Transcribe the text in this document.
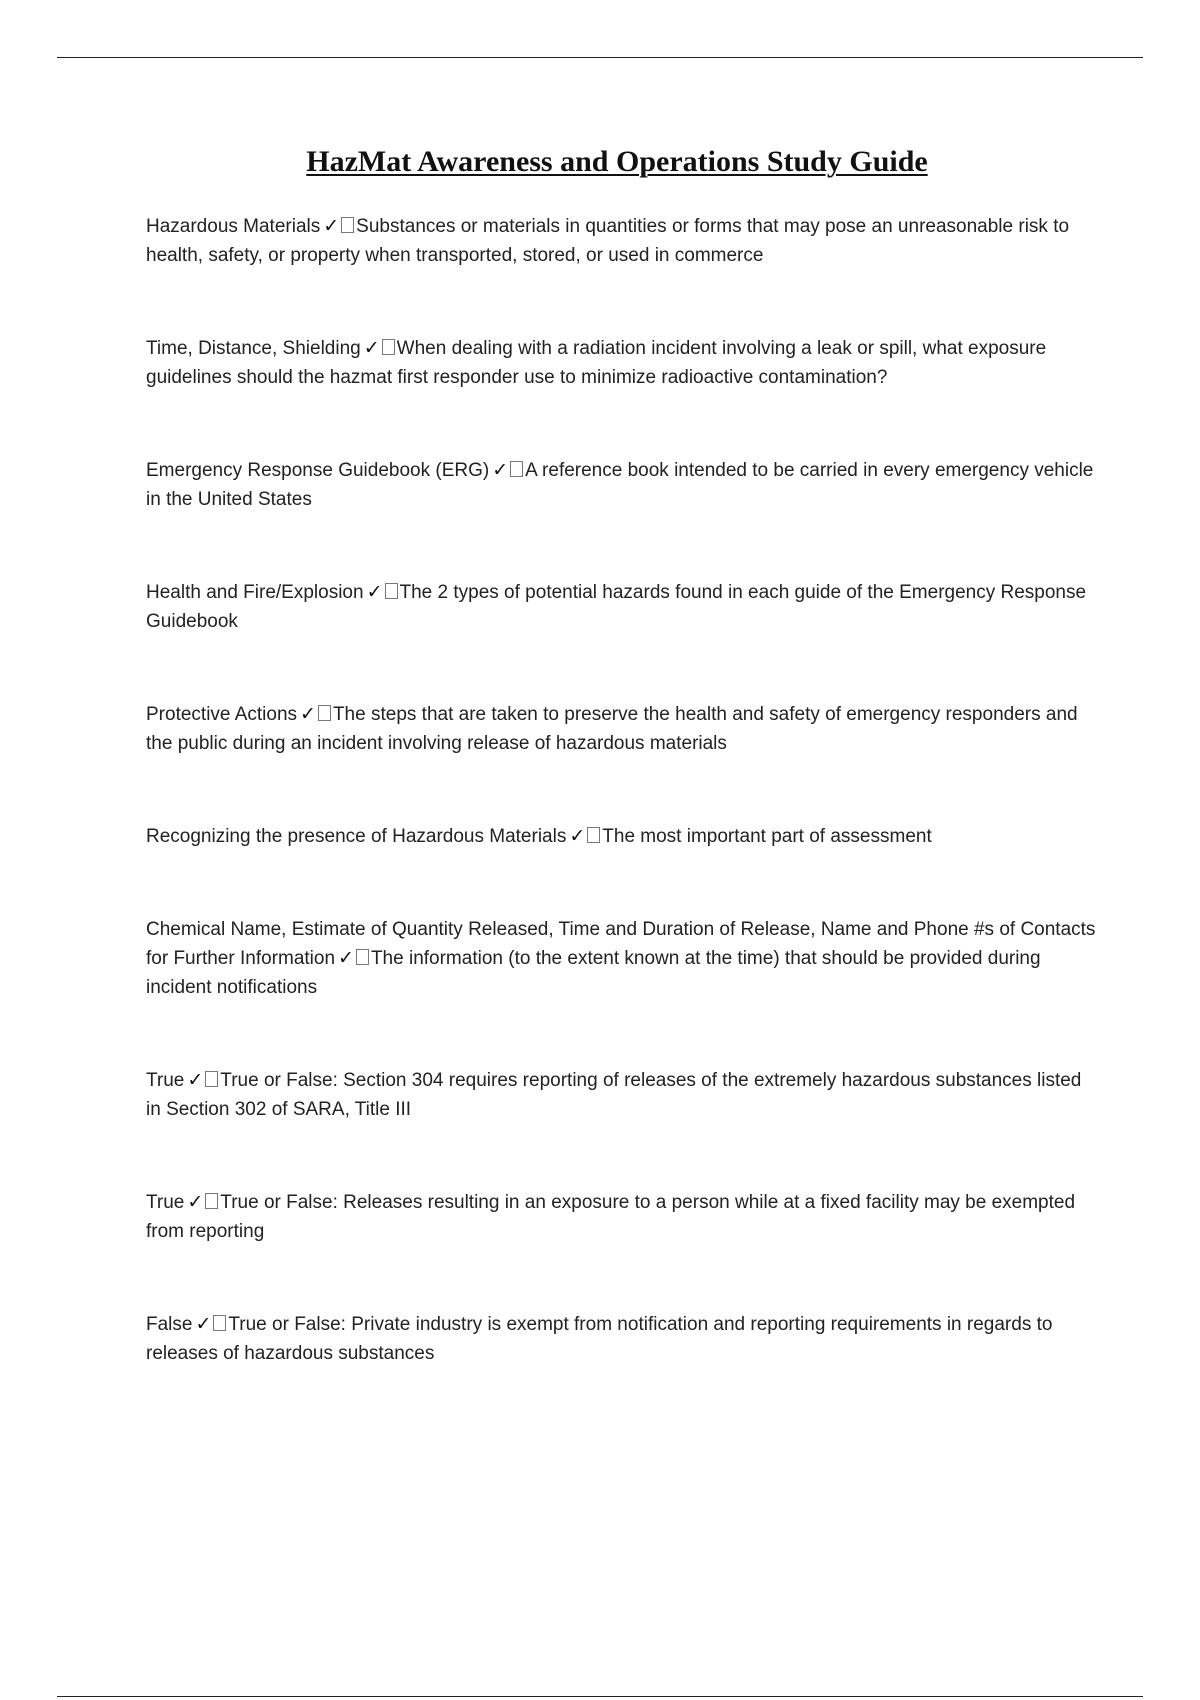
HazMat Awareness and Operations Study Guide
Hazardous Materials ✓ Substances or materials in quantities or forms that may pose an unreasonable risk to health, safety, or property when transported, stored, or used in commerce
Time, Distance, Shielding ✓ When dealing with a radiation incident involving a leak or spill, what exposure guidelines should the hazmat first responder use to minimize radioactive contamination?
Emergency Response Guidebook (ERG) ✓ A reference book intended to be carried in every emergency vehicle in the United States
Health and Fire/Explosion ✓ The 2 types of potential hazards found in each guide of the Emergency Response Guidebook
Protective Actions ✓ The steps that are taken to preserve the health and safety of emergency responders and the public during an incident involving release of hazardous materials
Recognizing the presence of Hazardous Materials ✓ The most important part of assessment
Chemical Name, Estimate of Quantity Released, Time and Duration of Release, Name and Phone #s of Contacts for Further Information ✓ The information (to the extent known at the time) that should be provided during incident notifications
True ✓ True or False: Section 304 requires reporting of releases of the extremely hazardous substances listed in Section 302 of SARA, Title III
True ✓ True or False: Releases resulting in an exposure to a person while at a fixed facility may be exempted from reporting
False ✓ True or False: Private industry is exempt from notification and reporting requirements in regards to releases of hazardous substances
